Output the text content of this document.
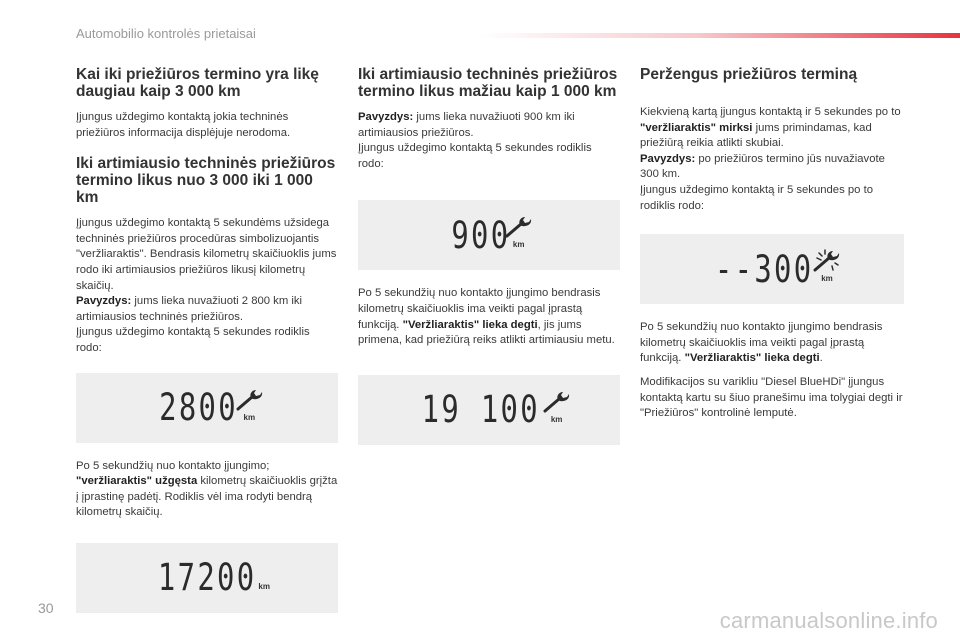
Automobilio kontrolės prietaisai
Kai iki priežiūros termino yra likę daugiau kaip 3 000 km

Įjungus uždegimo kontaktą jokia techninės priežiūros informacija displėjuje nerodoma.

Iki artimiausio techninės priežiūros termino likus nuo 3 000 iki 1 000 km

Įjungus uždegimo kontaktą 5 sekundėms užsidega techninės priežiūros procedūras simbolizuojantis "veržliaraktis". Bendrasis kilometrų skaičiuoklis jums rodo iki artimiausios priežiūros likusį kilometrų skaičių.

Pavyzdys: jums lieka nuvažiuoti 2 800 km iki artimiausios techninės priežiūros.

Įjungus uždegimo kontaktą 5 sekundes rodiklis rodo:

2800 km

Po 5 sekundžių nuo kontakto įjungimo; "veržliaraktis" užgęsta kilometrų skaičiuoklis grįžta į įprastinę padėtį. Rodiklis vėl ima rodyti bendrą kilometrų skaičių.

17200 km
Iki artimiausio techninės priežiūros termino likus mažiau kaip 1 000 km

Pavyzdys: jums lieka nuvažiuoti 900 km iki artimiausios priežiūros.

Įjungus uždegimo kontaktą 5 sekundes rodiklis rodo:

900 km

Po 5 sekundžių nuo kontakto įjungimo bendrasis kilometrų skaičiuoklis ima veikti pagal įprastą funkciją. "Veržliaraktis" lieka degti, jis jums primena, kad priežiūrą reiks atlikti artimiausiu metu.

19 100 km
Peržengus priežiūros terminą

Kiekvieną kartą įjungus kontaktą ir 5 sekundes po to "veržliaraktis" mirksi jums primindamas, kad priežiūrą reikia atlikti skubiai.

Pavyzdys: po priežiūros termino jūs nuvažiavote 300 km.

Įjungus uždegimo kontaktą ir 5 sekundes po to rodiklis rodo:

--300 km

Po 5 sekundžių nuo kontakto įjungimo bendrasis kilometrų skaičiuoklis ima veikti pagal įprastą funkciją. "Veržliaraktis" lieka degti.

Modifikacijos su varikliu "Diesel BlueHDi" įjungus kontaktą kartu su šiuo pranešimu ima tolygiai degti ir "Priežiūros" kontrolinė lemputė.

30	carmanualsonline.info
